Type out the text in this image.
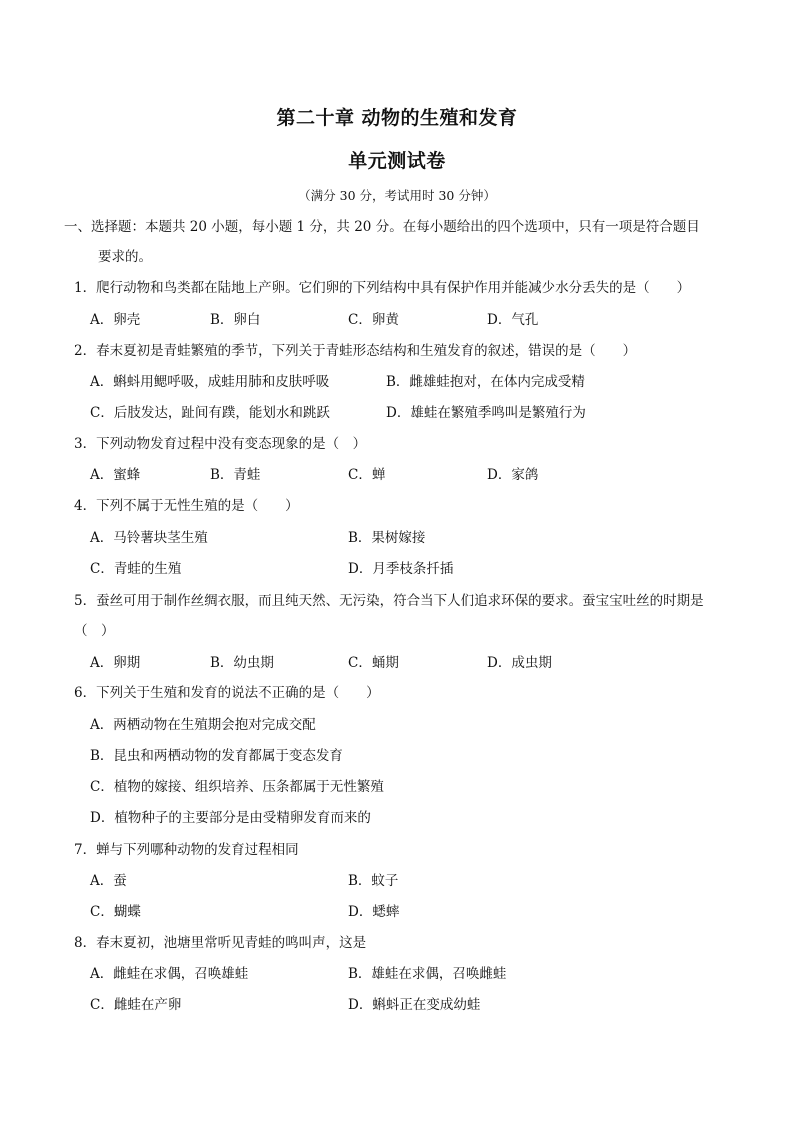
第二十章 动物的生殖和发育
单元测试卷
（满分 30 分，考试用时 30 分钟）
一、选择题：本题共 20 小题，每小题 1 分，共 20 分。在每小题给出的四个选项中，只有一项是符合题目
要求的。
1．爬行动物和鸟类都在陆地上产卵。它们卵的下列结构中具有保护作用并能减少水分丢失的是（　　）
A．卵壳	B．卵白	C．卵黄	D．气孔
2．春末夏初是青蛙繁殖的季节，下列关于青蛙形态结构和生殖发育的叙述，错误的是（　　）
A．蝌蚪用鳃呼吸，成蛙用肺和皮肤呼吸	B．雌雄蛙抱对，在体内完成受精
C．后肢发达，趾间有蹼，能划水和跳跃	D．雄蛙在繁殖季鸣叫是繁殖行为
3．下列动物发育过程中没有变态现象的是（　）
A．蜜蜂	B．青蛙	C．蝉	D．家鸽
4．下列不属于无性生殖的是（　　）
A．马铃薯块茎生殖	B．果树嫁接
C．青蛙的生殖	D．月季枝条扦插
5．蚕丝可用于制作丝绸衣服，而且纯天然、无污染，符合当下人们追求环保的要求。蚕宝宝吐丝的时期是
（　）
A．卵期	B．幼虫期	C．蛹期	D．成虫期
6．下列关于生殖和发育的说法不正确的是（　　）
A．两栖动物在生殖期会抱对完成交配
B．昆虫和两栖动物的发育都属于变态发育
C．植物的嫁接、组织培养、压条都属于无性繁殖
D．植物种子的主要部分是由受精卵发育而来的
7．蝉与下列哪种动物的发育过程相同
A．蚕	B．蚊子
C．蝴蝶	D．蟋蟀
8．春末夏初，池塘里常听见青蛙的鸣叫声，这是
A．雌蛙在求偶，召唤雄蛙	B．雄蛙在求偶，召唤雌蛙
C．雌蛙在产卵	D．蝌蚪正在变成幼蛙
